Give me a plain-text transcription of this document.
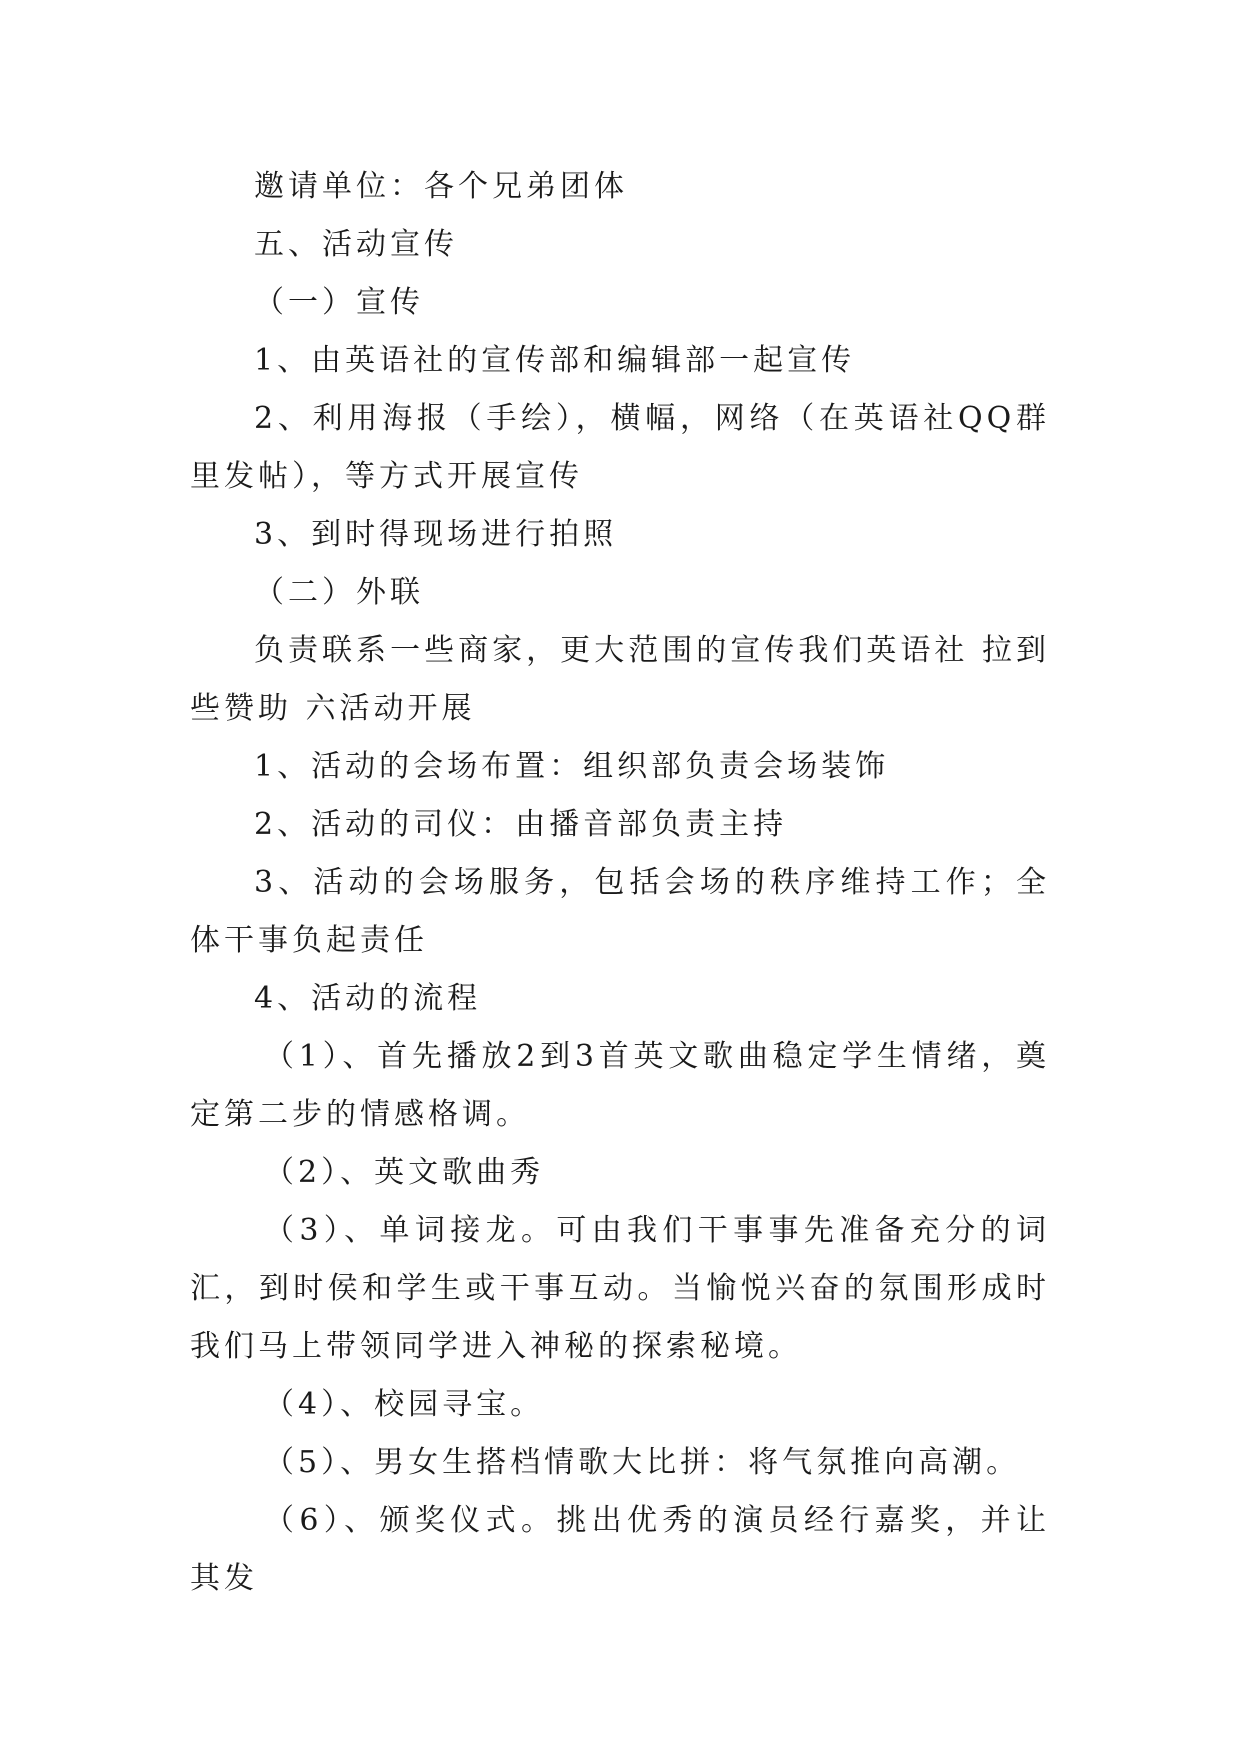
邀请单位：各个兄弟团体

五、活动宣传

（一）宣传

1、由英语社的宣传部和编辑部一起宣传

2、利用海报（手绘），横幅，网络（在英语社QQ群里发帖），等方式开展宣传

3、到时得现场进行拍照

（二）外联

负责联系一些商家，更大范围的宣传我们英语社 拉到些赞助 六活动开展

1、活动的会场布置：组织部负责会场装饰

2、活动的司仪：由播音部负责主持

3、活动的会场服务，包括会场的秩序维持工作；全体干事负起责任

4、活动的流程

（1）、首先播放2到3首英文歌曲稳定学生情绪，奠定第二步的情感格调。

（2）、英文歌曲秀

（3）、单词接龙。可由我们干事事先准备充分的词汇，到时侯和学生或干事互动。当愉悦兴奋的氛围形成时我们马上带领同学进入神秘的探索秘境。

（4）、校园寻宝。

（5）、男女生搭档情歌大比拼：将气氛推向高潮。

（6）、颁奖仪式。挑出优秀的演员经行嘉奖，并让其发
